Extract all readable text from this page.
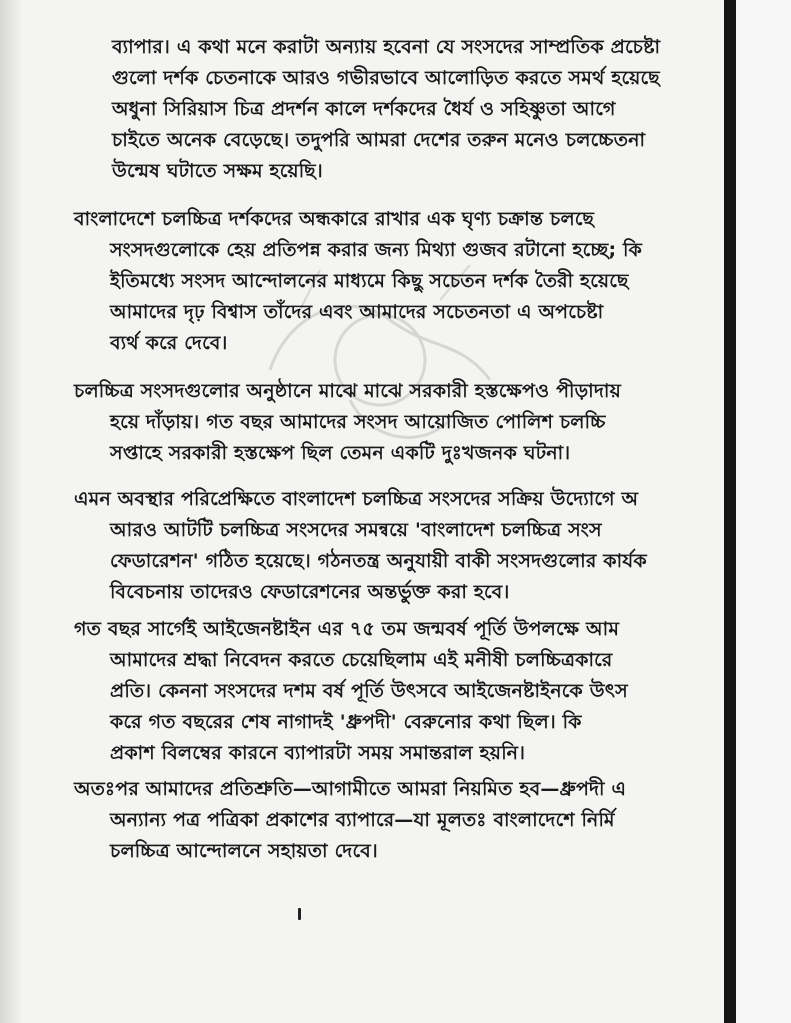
ব্যাপার। এ কথা মনে করাটা অন্যায় হবেনা যে সংসদের সাম্প্রতিক প্রচেষ্টা
গুলো দর্শক চেতনাকে আরও গভীরভাবে আলোড়িত করতে সমর্থ হয়েছে
অধুনা সিরিয়াস চিত্র প্রদর্শন কালে দর্শকদের ধৈর্য ও সহিষ্ণুতা আগে
চাইতে অনেক বেড়েছে। তদুপরি আমরা দেশের তরুন মনেও চলচ্চেতনা
উন্মেষ ঘটাতে সক্ষম হয়েছি।

বাংলাদেশে চলচ্চিত্র দর্শকদের অন্ধকারে রাখার এক ঘৃণ্য চক্রান্ত চলছে
সংসদগুলোকে হেয় প্রতিপন্ন করার জন্য মিথ্যা গুজব রটানো হচ্ছে; কি
ইতিমধ্যে সংসদ আন্দোলনের মাধ্যমে কিছু সচেতন দর্শক তৈরী হয়েছে
আমাদের দৃঢ় বিশ্বাস তাঁদের এবং আমাদের সচেতনতা এ অপচেষ্টা
ব্যর্থ করে দেবে।

চলচ্চিত্র সংসদগুলোর অনুষ্ঠানে মাঝে মাঝে সরকারী হস্তক্ষেপও পীড়াদায়
হয়ে দাঁড়ায়। গত বছর আমাদের সংসদ আয়োজিত পোলিশ চলচ্চি
সপ্তাহে সরকারী হস্তক্ষেপ ছিল তেমন একটি দুঃখজনক ঘটনা।

এমন অবস্থার পরিপ্রেক্ষিতে বাংলাদেশ চলচ্চিত্র সংসদের সক্রিয় উদ্যোগে অ
আরও আটটি চলচ্চিত্র সংসদের সমন্বয়ে 'বাংলাদেশ চলচ্চিত্র সংস
ফেডারেশন' গঠিত হয়েছে। গঠনতন্ত্র অনুযায়ী বাকী সংসদগুলোর কার্যক
বিবেচনায় তাদেরও ফেডারেশনের অন্তর্ভুক্ত করা হবে।

গত বছর সার্গেই আইজেনষ্টাইন এর ৭৫ তম জন্মবর্ষ পূর্তি উপলক্ষে আম
আমাদের শ্রদ্ধা নিবেদন করতে চেয়েছিলাম এই মনীষী চলচ্চিত্রকারে
প্রতি। কেননা সংসদের দশম বর্ষ পূর্তি উৎসবে আইজেনষ্টাইনকে উৎস
করে গত বছরের শেষ নাগাদই 'ধ্রুপদী' বেরুনোর কথা ছিল। কি
প্রকাশ বিলম্বের কারনে ব্যাপারটা সময় সমান্তরাল হয়নি।

অতঃপর আমাদের প্রতিশ্রুতি—আগামীতে আমরা নিয়মিত হব—ধ্রুপদী এ
অন্যান্য পত্র পত্রিকা প্রকাশের ব্যাপারে—যা মূলতঃ বাংলাদেশে নির্মি
চলচ্চিত্র আন্দোলনে সহায়তা দেবে।
